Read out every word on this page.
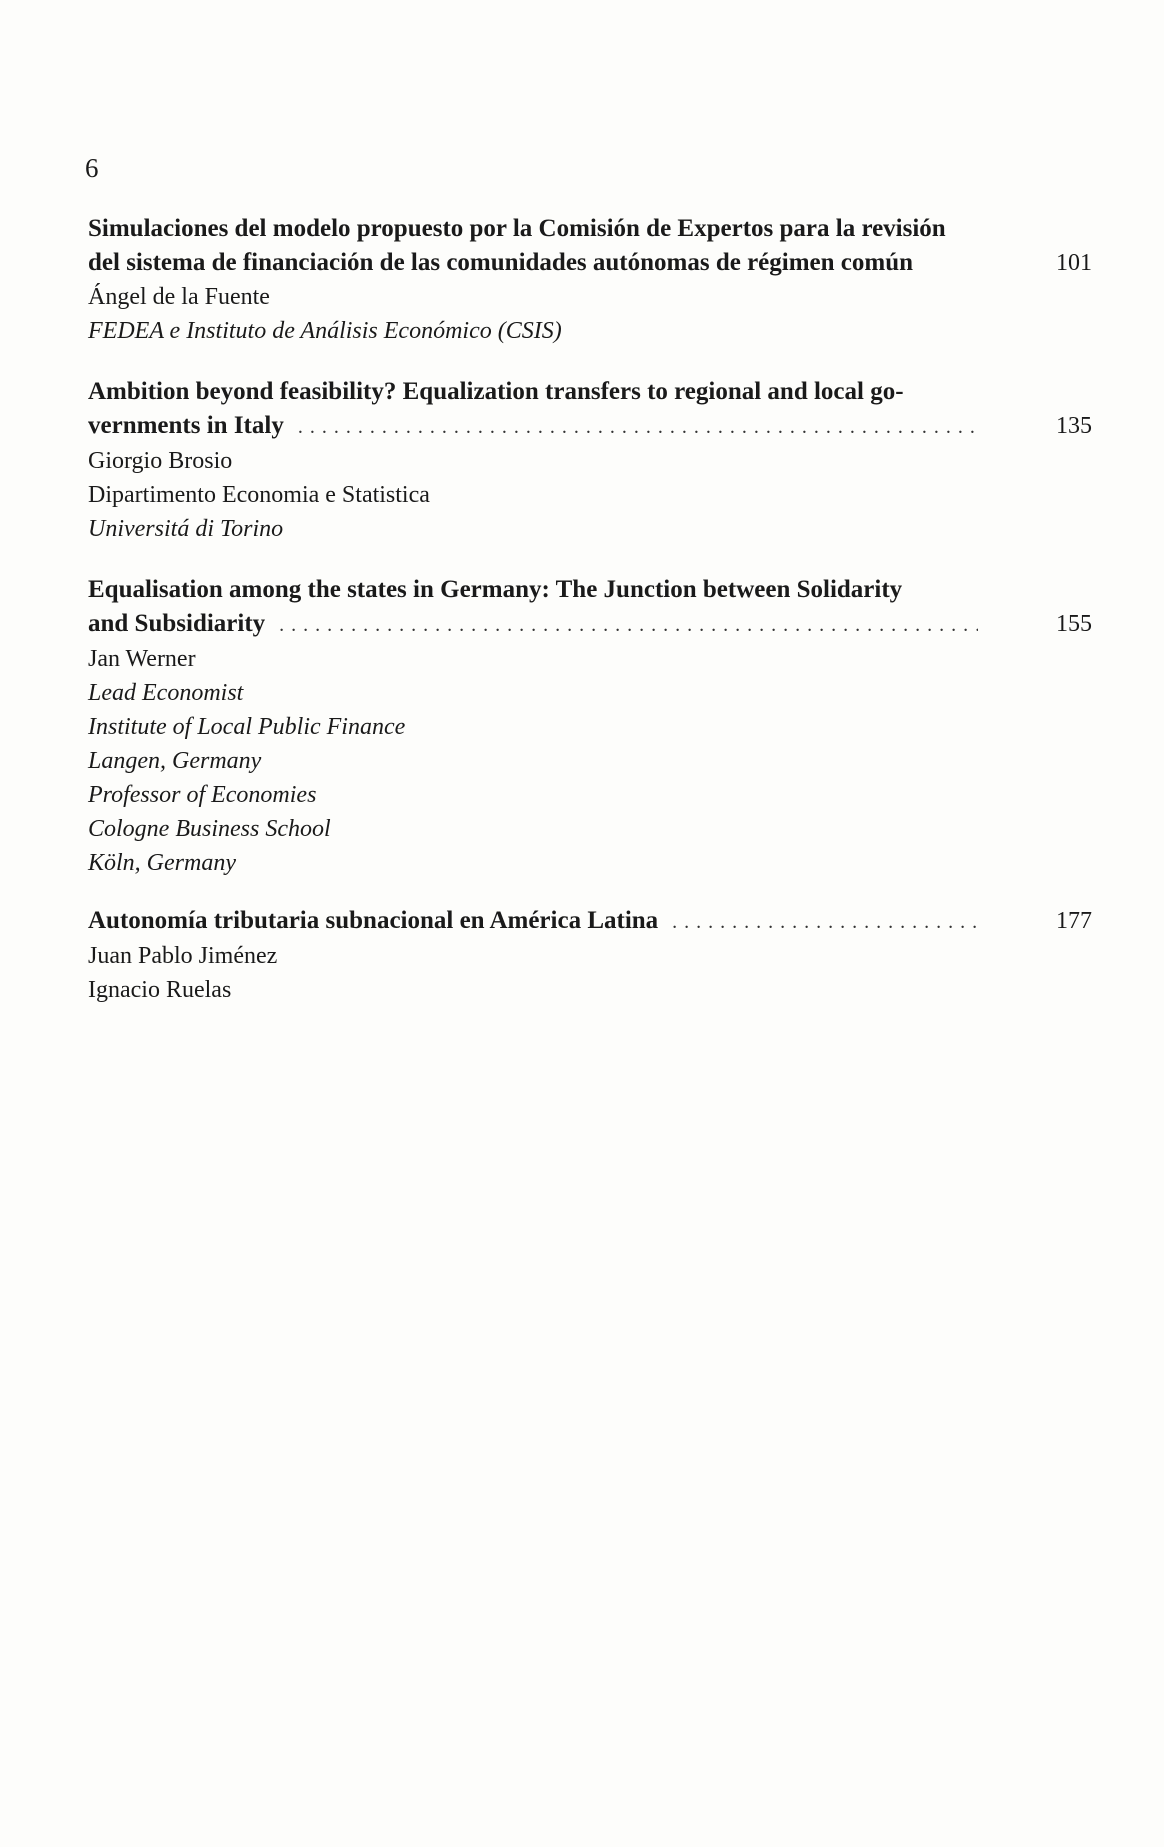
6
Simulaciones del modelo propuesto por la Comisión de Expertos para la revisión
del sistema de financiación de las comunidades autónomas de régimen común	101
Ángel de la Fuente
FEDEA e Instituto de Análisis Económico (CSIS)
Ambition beyond feasibility? Equalization transfers to regional and local go-
vernments in Italy . . .	135
Giorgio Brosio
Dipartimento Economia e Statistica
Universitá di Torino
Equalisation among the states in Germany: The Junction between Solidarity
and Subsidiarity . . .	155
Jan Werner
Lead Economist
Institute of Local Public Finance
Langen, Germany
Professor of Economies
Cologne Business School
Köln, Germany
Autonomía tributaria subnacional en América Latina . . .	177
Juan Pablo Jiménez
Ignacio Ruelas
